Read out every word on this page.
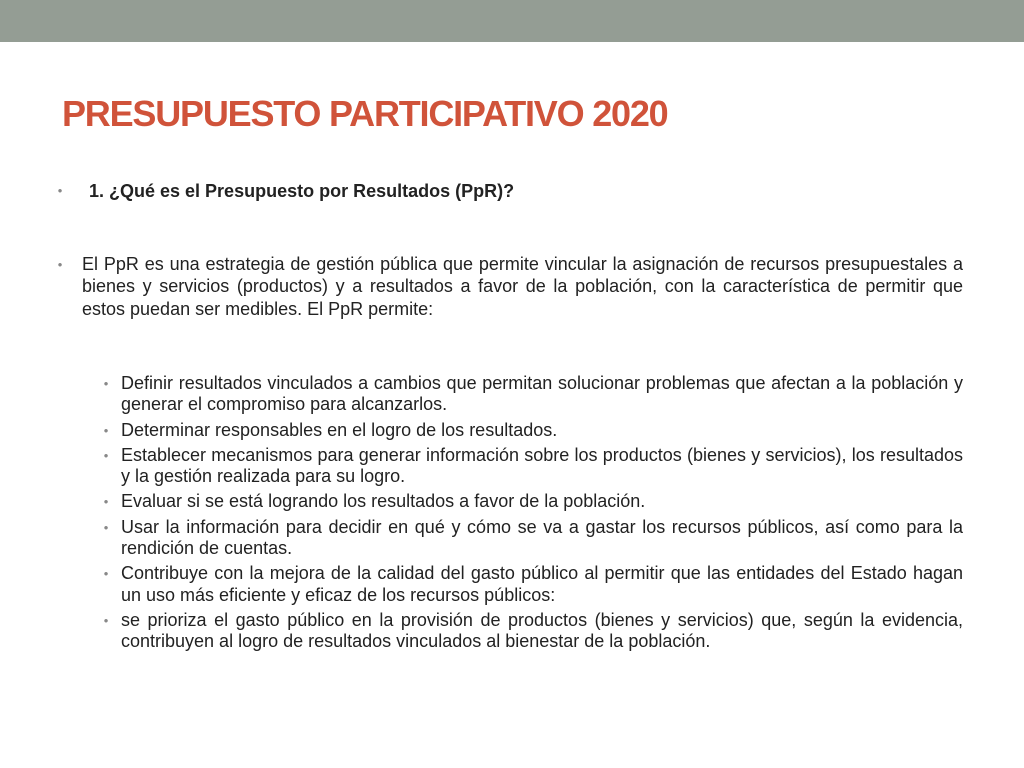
PRESUPUESTO PARTICIPATIVO 2020
• 1. ¿Qué es el Presupuesto por Resultados (PpR)?
• El PpR es una estrategia de gestión pública que permite vincular la asignación de recursos presupuestales a bienes y servicios (productos) y a resultados a favor de la población, con la característica de permitir que estos puedan ser medibles. El PpR permite:
• Definir resultados vinculados a cambios que permitan solucionar problemas que afectan a la población y generar el compromiso para alcanzarlos.
• Determinar responsables en el logro de los resultados.
• Establecer mecanismos para generar información sobre los productos (bienes y servicios), los resultados y la gestión realizada para su logro.
• Evaluar si se está logrando los resultados a favor de la población.
• Usar la información para decidir en qué y cómo se va a gastar los recursos públicos, así como para la rendición de cuentas.
• Contribuye con la mejora de la calidad del gasto público al permitir que las entidades del Estado hagan un uso más eficiente y eficaz de los recursos públicos:
• se prioriza el gasto público en la provisión de productos (bienes y servicios) que, según la evidencia, contribuyen al logro de resultados vinculados al bienestar de la población.
